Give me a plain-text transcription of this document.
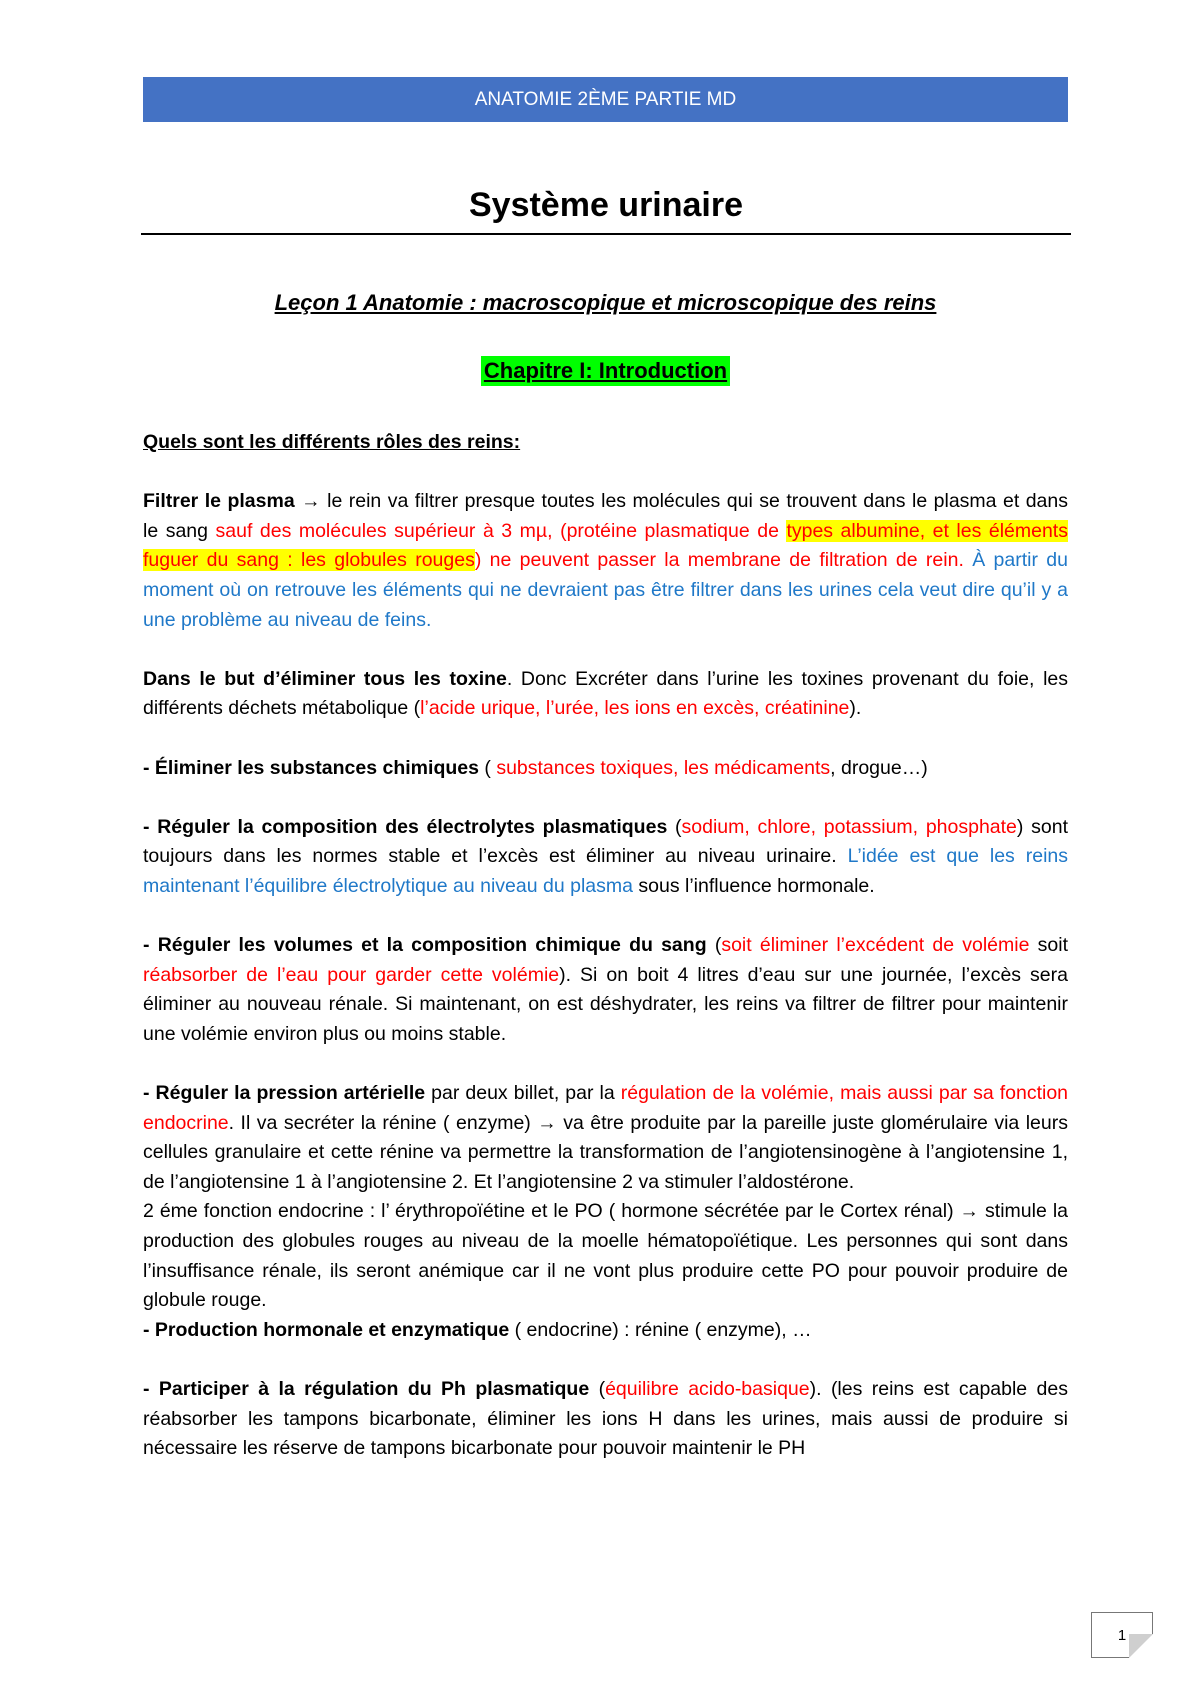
ANATOMIE 2ÈME PARTIE MD
Système urinaire
Leçon 1 Anatomie : macroscopique et microscopique des reins
Chapitre I: Introduction

Quels sont les différents rôles des reins:

Filtrer le plasma → le rein va filtrer presque toutes les molécules qui se trouvent dans le plasma et dans le sang sauf des molécules supérieur à 3 mµ, (protéine plasmatique de types albumine, et les éléments fuguer du sang : les globules rouges) ne peuvent passer la membrane de filtration de rein. À partir du moment où on retrouve les éléments qui ne devraient pas être filtrer dans les urines cela veut dire qu’il y a une problème au niveau de feins.

Dans le but d’éliminer tous les toxine. Donc Excréter dans l’urine les toxines provenant du foie, les différents déchets métabolique (l’acide urique, l’urée, les ions en excès, créatinine).

- Éliminer les substances chimiques ( substances toxiques, les médicaments, drogue…)

- Réguler la composition des électrolytes plasmatiques (sodium, chlore, potassium, phosphate) sont toujours dans les normes stable et l’excès est éliminer au niveau urinaire. L’idée est que les reins maintenant l’équilibre électrolytique au niveau du plasma sous l’influence hormonale.

- Réguler les volumes et la composition chimique du sang (soit éliminer l’excédent de volémie soit réabsorber de l’eau pour garder cette volémie). Si on boit 4 litres d’eau sur une journée, l’excès sera éliminer au nouveau rénale. Si maintenant, on est déshydrater, les reins va filtrer de filtrer pour maintenir une volémie environ plus ou moins stable.

- Réguler la pression artérielle par deux billet, par la régulation de la volémie, mais aussi par sa fonction endocrine. Il va secréter la rénine ( enzyme) → va être produite par la pareille juste glomérulaire via leurs cellules granulaire et cette rénine va permettre la transformation de l’angiotensinogène à l’angiotensine 1, de l’angiotensine 1 à l’angiotensine 2. Et l’angiotensine 2 va stimuler l’aldostérone.

2 éme fonction endocrine : l’ érythropoïétine et le PO ( hormone sécrétée par le Cortex rénal) → stimule la production des globules rouges au niveau de la moelle hématopoïétique. Les personnes qui sont dans l’insuffisance rénale, ils seront anémique car il ne vont plus produire cette PO pour pouvoir produire de globule rouge.

- Production hormonale et enzymatique ( endocrine) : rénine ( enzyme), …

- Participer à la régulation du Ph plasmatique (équilibre acido-basique). (les reins est capable des réabsorber les tampons bicarbonate, éliminer les ions H dans les urines, mais aussi de produire si nécessaire les réserve de tampons bicarbonate pour pouvoir maintenir le PH

1
